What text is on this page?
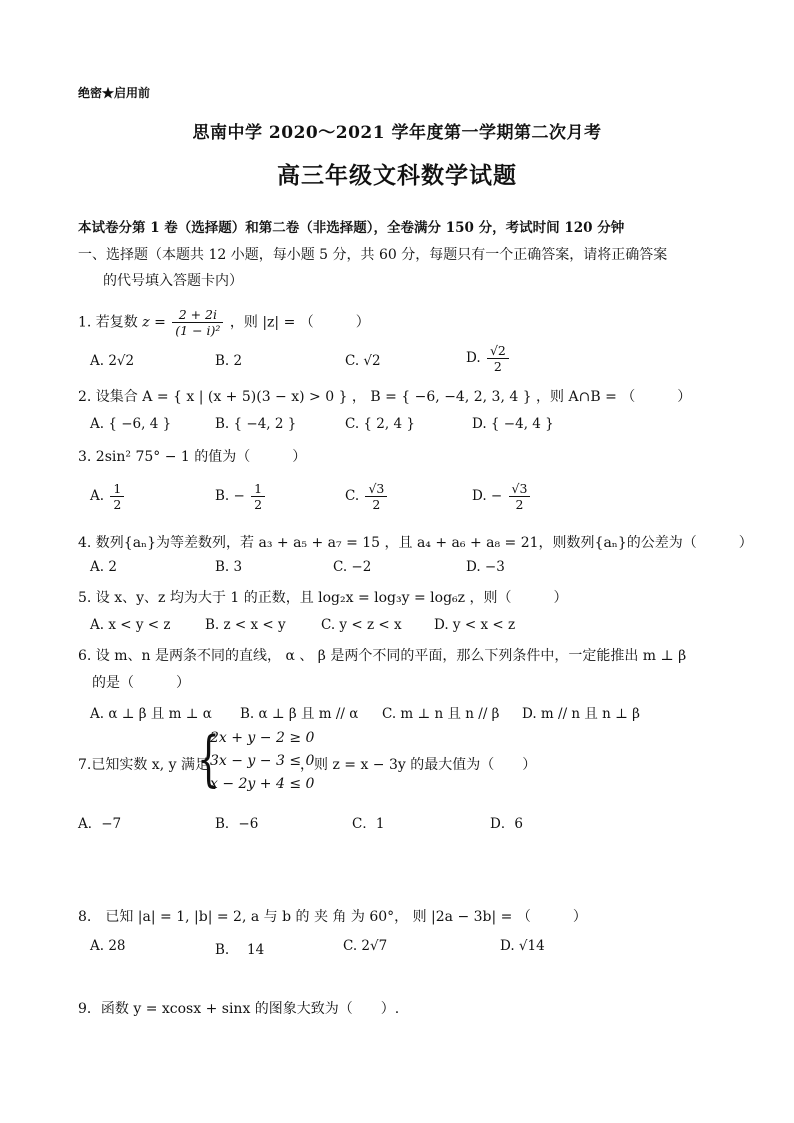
绝密★启用前
思南中学 2020～2021 学年度第一学期第二次月考
高三年级文科数学试题
本试卷分第 1 卷（选择题）和第二卷（非选择题），全卷满分 150 分，考试时间 120 分钟
一、选择题（本题共 12 小题，每小题 5 分，共 60 分，每题只有一个正确答案，请将正确答案
的代号填入答题卡内）
1. 若复数 $z = \frac{2 + 2i}{\text{(1 − i)²}}$ ，则 |z| = （　　　）
A. 2√2	B. 2	C. √2	D. $\frac{√2}{2}$
2. 设集合 A = { x | (x + 5)(3 − x) > 0 } ， B = { −6, −4, 2, 3, 4 } ，则 A∩B = （　　　）
A. { −6, 4 }	B. { −4, 2 }	C. { 2, 4 }	D. { −4, 4 }
3. 2sin² 75° − 1 的值为（　　　）
A. $\frac{1}{2}$	B. − $\frac{1}{2}$	C. $\frac{√3}{2}$	D. − $\frac{√3}{2}$
4. 数列{aₙ}为等差数列，若 a₃ + a₅ + a₇ = 15 ，且 a₄ + a₆ + a₈ = 21，则数列{aₙ}的公差为（　　　）
A. 2	B. 3	C. −2	D. −3
5. 设 x、y、z 均为大于 1 的正数，且 log₂x = log₃y = log₆z ，则（　　　）
A. x < y < z	B. z < x < y	C. y < z < x D. y < x < z
6. 设 m、n 是两条不同的直线， α 、 β 是两个不同的平面，那么下列条件中，一定能推出 m ⊥ β
的是（　　　）
A. α ⊥ β 且 m ⊥ α B. α ⊥ β 且 m // α C. m ⊥ n 且 n // β D. m // n 且 n ⊥ β
7.已知实数 x, y 满足
{
2x + y − 2 ≥ 0
3x − y − 3 ≤ 0
x − 2y + 4 ≤ 0
，则 z = x − 3y 的最大值为（　　）
A．−7	B．−6	C．1	D．6
8.　已知 |a| = 1, |b| = 2, a 与 b 的 夹 角 为 60°， 则 |2a − 3b| = （　　　）
A. 28	B.　 14	C. 2√7	D. √14
9．函数 y = xcosx + sinx 的图象大致为（　　）.
